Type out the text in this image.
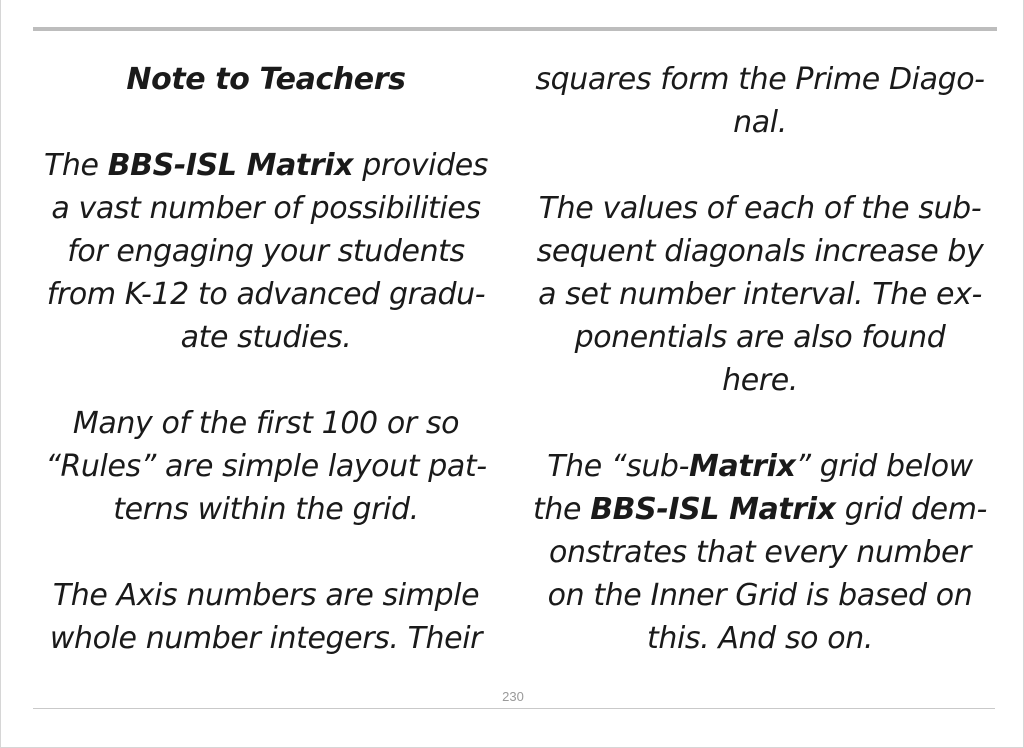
Note to Teachers
The BBS-ISL Matrix provides
a vast number of possibilities
for engaging your students
from K-12 to advanced gradu-
ate studies.
Many of the first 100 or so
“Rules” are simple layout pat-
terns within the grid.
The Axis numbers are simple
whole number integers. Their
squares form the Prime Diago-
nal.
The values of each of the sub-
sequent diagonals increase by
a set number interval. The ex-
ponentials are also found
here.
The “sub-Matrix” grid below
the BBS-ISL Matrix grid dem-
onstrates that every number
on the Inner Grid is based on
this. And so on.
230
